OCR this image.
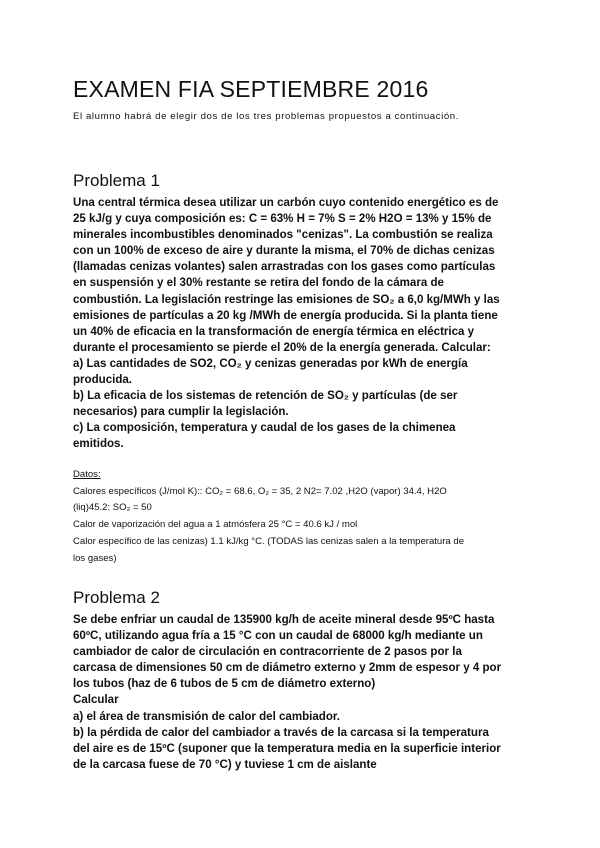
EXAMEN FIA SEPTIEMBRE 2016

El alumno habrá de elegir dos de los tres problemas propuestos a continuación.

Problema 1
Una central térmica desea utilizar un carbón cuyo contenido energético es de
25 kJ/g y cuya composición es: C = 63% H = 7% S = 2% H2O = 13% y 15% de
minerales incombustibles denominados "cenizas". La combustión se realiza
con un 100% de exceso de aire y durante la misma, el 70% de dichas cenizas
(llamadas cenizas volantes) salen arrastradas con los gases como partículas
en suspensión y el 30% restante se retira del fondo de la cámara de
combustión. La legislación restringe las emisiones de SO₂ a 6,0 kg/MWh y las
emisiones de partículas a 20 kg /MWh de energía producida. Si la planta tiene
un 40% de eficacia en la transformación de energía térmica en eléctrica y
durante el procesamiento se pierde el 20% de la energía generada. Calcular:
a) Las cantidades de SO2, CO₂ y cenizas generadas por kWh de energía
producida.
b) La eficacia de los sistemas de retención de SO₂ y partículas (de ser
necesarios) para cumplir la legislación.
c) La composición, temperatura y caudal de los gases de la chimenea
emitidos.
Datos:
Calores específicos (J/mol K):: CO₂ = 68.6, O₂ = 35, 2 N2= 7.02 ,H2O (vapor) 34.4, H2O
(liq)45.2: SO₂ = 50
Calor de vaporización del agua a 1 atmósfera 25 °C = 40.6 kJ / mol
Calor específico de las cenizas) 1.1 kJ/kg °C. (TODAS las cenizas salen a la temperatura de
los gases)
Problema 2
Se debe enfriar un caudal de 135900 kg/h de aceite mineral desde 95ºC hasta
60ºC, utilizando agua fría a 15 °C con un caudal de 68000 kg/h mediante un
cambiador de calor de circulación en contracorriente de 2 pasos por la
carcasa de dimensiones 50 cm de diámetro externo y 2mm de espesor y 4 por
los tubos (haz de 6 tubos de 5 cm de diámetro externo)
Calcular
a) el área de transmisión de calor del cambiador.
b) la pérdida de calor del cambiador a través de la carcasa si la temperatura
del aire es de 15ºC (suponer que la temperatura media en la superficie interior
de la carcasa fuese de 70 °C) y tuviese 1 cm de aislante
